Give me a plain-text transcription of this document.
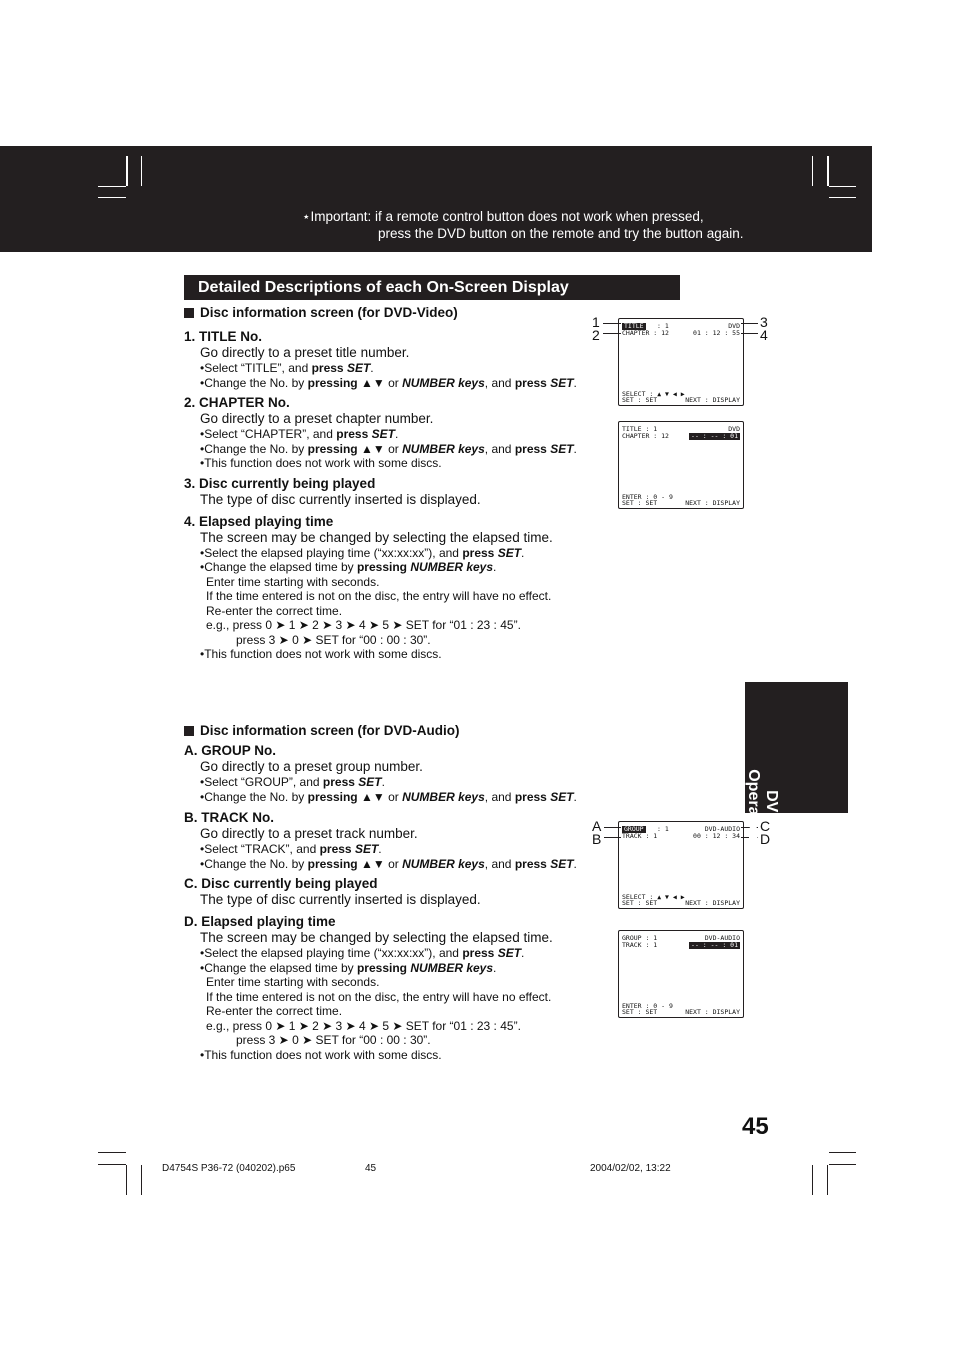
⋆Important: if a remote control button does not work when pressed,
press the DVD button on the remote and try the button again.
Detailed Descriptions of each On-Screen Display
Disc information screen (for DVD-Video)
1. TITLE No.
Go directly to a preset title number.
•Select “TITLE”, and press SET.
•Change the No. by pressing ▲▼ or NUMBER keys, and press SET.
2. CHAPTER No.
Go directly to a preset chapter number.
•Select “CHAPTER”, and press SET.
•Change the No. by pressing ▲▼ or NUMBER keys, and press SET.
•This function does not work with some discs.
3. Disc currently being played
The type of disc currently inserted is displayed.
4. Elapsed playing time
The screen may be changed by selecting the elapsed time.
•Select the elapsed playing time (“xx:xx:xx”), and press SET.
•Change the elapsed time by pressing NUMBER keys.
Enter time starting with seconds.
If the time entered is not on the disc, the entry will have no effect.
Re-enter the correct time.
e.g., press 0 ➤ 1 ➤ 2 ➤ 3 ➤ 4 ➤ 5 ➤ SET for “01 : 23 : 45”.
press 3 ➤ 0 ➤ SET for “00 : 00 : 30”.
•This function does not work with some discs.
Disc information screen (for DVD-Audio)
A. GROUP No.
Go directly to a preset group number.
•Select “GROUP”, and press SET.
•Change the No. by pressing ▲▼ or NUMBER keys, and press SET.
B. TRACK No.
Go directly to a preset track number.
•Select “TRACK”, and press SET.
•Change the No. by pressing ▲▼ or NUMBER keys, and press SET.
C. Disc currently being played
The type of disc currently inserted is displayed.
D. Elapsed playing time
The screen may be changed by selecting the elapsed time.
•Select the elapsed playing time (“xx:xx:xx”), and press SET.
•Change the elapsed time by pressing NUMBER keys.
Enter time starting with seconds.
If the time entered is not on the disc, the entry will have no effect.
Re-enter the correct time.
e.g., press 0 ➤ 1 ➤ 2 ➤ 3 ➤ 4 ➤ 5 ➤ SET for “01 : 23 : 45”.
press 3 ➤ 0 ➤ SET for “00 : 00 : 30”.
•This function does not work with some discs.
TITLE	: 1
CHAPTER : 12
DVD
01 : 12 : 55
SELECT : ▲ ▼ ◀ ▶
SET : SET	NEXT : DISPLAY
TITLE : 1
CHAPTER : 12
DVD
-- : -- : 01
ENTER : 0 - 9
SET : SET	NEXT : DISPLAY
GROUP	: 1
TRACK : 1
DVD-AUDIO
00 : 12 : 34
SELECT : ▲ ▼ ◀ ▶
SET : SET	NEXT : DISPLAY
GROUP : 1
TRACK : 1
DVD-AUDIO
-- : -- : 01
ENTER : 0 - 9
SET : SET	NEXT : DISPLAY
1
2
3
4
A
B
C
D
DVD
Operation
45
D4754S P36-72 (040202).p65	45	2004/02/02, 13:22
